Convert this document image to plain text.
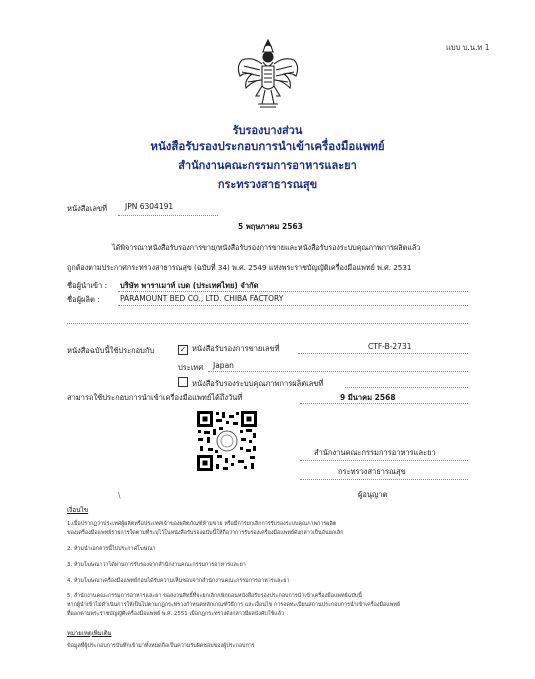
แบบ บ.น.ท 1
รับรองบางส่วน
หนังสือรับรองประกอบการนำเข้าเครื่องมือแพทย์
สำนักงานคณะกรรมการอาหารและยา
กระทรวงสาธารณสุข
หนังสือเลขที่ JPN 6304191
5 พฤษภาคม 2563
ได้พิจารณาหนังสือรับรองการขาย/หนังสือรับรองการขายและหนังสือรับรองระบบคุณภาพการผลิตแล้ว
ถูกต้องตามประกาศกระทรวงสาธารณสุข (ฉบับที่ 34) พ.ศ. 2549 แห่งพระราชบัญญัติเครื่องมือแพทย์ พ.ศ. 2531
ชื่อผู้นำเข้า : บริษัท พาราเมาท์ เบด (ประเทศไทย) จำกัด
ชื่อผู้ผลิต :	PARAMOUNT BED CO., LTD. CHIBA FACTORY
หนังสือฉบับนี้ใช้ประกอบกับ	✓ หนังสือรับรองการขายเลขที่	CTF-B-2731
ประเทศ Japan
หนังสือรับรองระบบคุณภาพการผลิตเลขที่
สามารถใช้ประกอบการนำเข้าเครื่องมือแพทย์ได้ถึงวันที่	9 มีนาคม 2568
สำนักงานคณะกรรมการอาหารและยา
กระทรวงสาธารณสุข
ผู้อนุญาต
\
เงื่อนไข
1.เมื่อปรากฏว่าประเทศผู้ผลิตหรือประเทศเจ้าของผลิตภัณฑ์ห้ามขาย หรือมีการยกเลิกการรับรองระบบคุณภาพการผลิต
ของเครื่องมือแพทย์รายการใดตามที่ระบุไว้ในหนังสือรับรองฉบับนี้ให้ถือว่าการรับรองเครื่องมือแพทย์ดังกล่าวเป็นอันยกเลิก
2. ห้ามนำเอกสารนี้ไปประกาศโฆษณา
3. ห้ามโฆษณาว่าได้ผ่านการรับรองจากสำนักงานคณะกรรมการอาหารและยา
4. ห้ามโฆษณาเครื่องมือแพทย์ก่อนได้รับความเห็นชอบจากสำนักงานคณะกรรมการอาหารและยา
5. สำนักงานคณะกรรมการอาหารและยา ขอสงวนสิทธิ์ที่จะยกเลิก/เพิกถอนหนังสือรับรองประกอบการนำเข้าเครื่องมือแพทย์ฉบับนี้
หากผู้นำเข้าไม่ดำเนินการให้เป็นไปตามกฎกระทรวงกำหนดหลักเกณฑ์วิธีการ และเงื่อนไข การจดทะเบียนสถานประกอบการนำเข้าเครื่องมือแพทย์
ที่ออกตามพระราชบัญญัติเครื่องมือแพทย์ พ.ศ. 2551 เมื่อกฎกระทรวงดังกล่าวมีผลบังคับใช้แล้ว
หมายเหตุเพิ่มเติม
ข้อมูลที่ผู้ประกอบการบันทึกเข้ามาทั้งหมดถือเป็นความรับผิดชอบของผู้ประกอบการ
